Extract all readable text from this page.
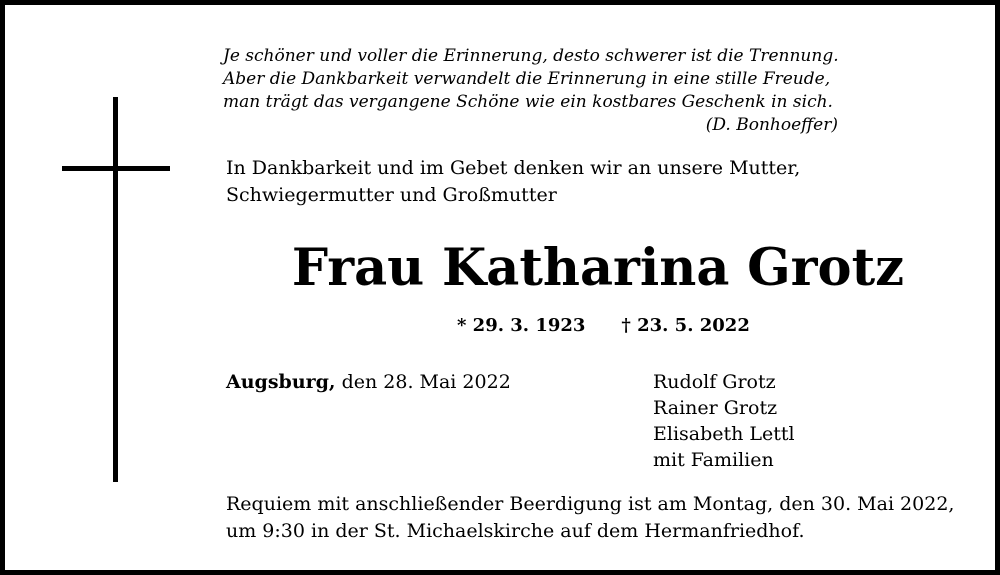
Je schöner und voller die Erinnerung, desto schwerer ist die Trennung.
Aber die Dankbarkeit verwandelt die Erinnerung in eine stille Freude,
man trägt das vergangene Schöne wie ein kostbares Geschenk in sich.
(D. Bonhoeffer)
In Dankbarkeit und im Gebet denken wir an unsere Mutter,
Schwiegermutter und Großmutter
Frau Katharina Grotz
* 29. 3. 1923 † 23. 5. 2022
Augsburg, den 28. Mai 2022	Rudolf Grotz
Rainer Grotz
Elisabeth Lettl
mit Familien
Requiem mit anschließender Beerdigung ist am Montag, den 30. Mai 2022,
um 9:30 in der St. Michaelskirche auf dem Hermanfriedhof.
